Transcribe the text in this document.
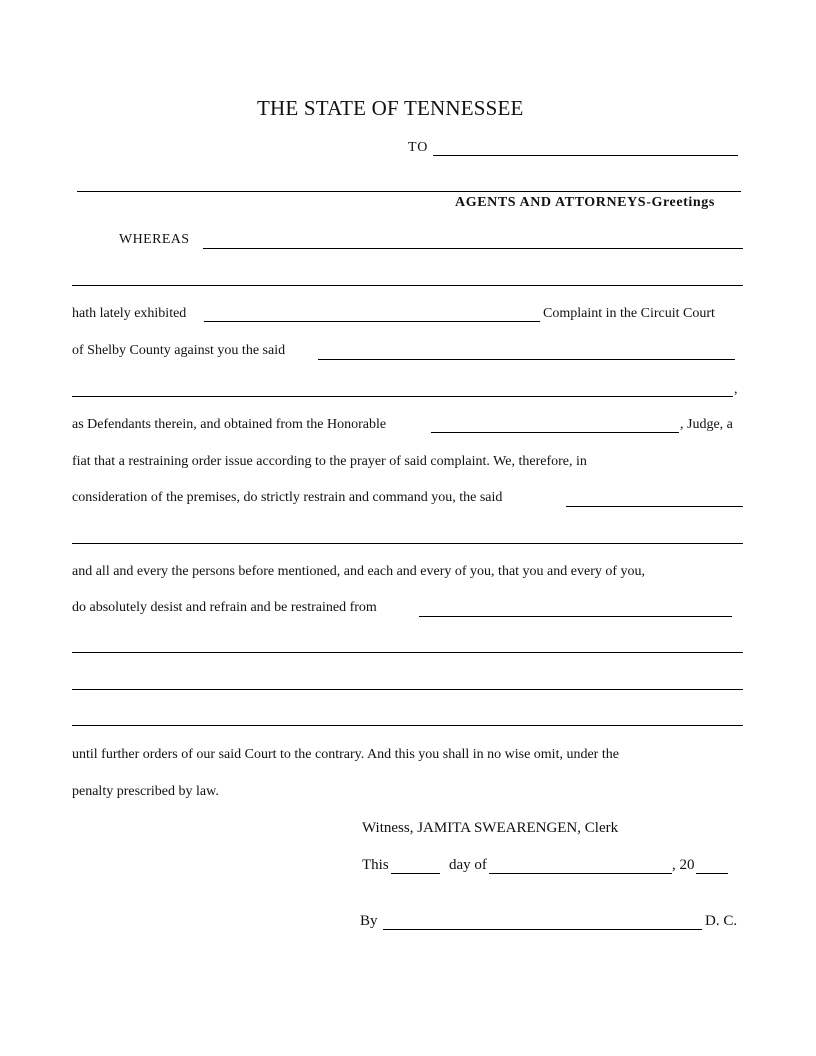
THE STATE OF TENNESSEE
TO
AGENTS AND ATTORNEYS-Greetings
WHEREAS
hath lately exhibited	Complaint in the Circuit Court
of Shelby County against you the said
,
as Defendants therein, and obtained from the Honorable	, Judge, a
fiat that a restraining order issue according to the prayer of said complaint. We, therefore, in
consideration of the premises, do strictly restrain and command you, the said
and all and every the persons before mentioned, and each and every of you, that you and every of you,
do absolutely desist and refrain and be restrained from
until further orders of our said Court to the contrary. And this you shall in no wise omit, under the
penalty prescribed by law.
Witness, JAMITA SWEARENGEN, Clerk
This	day of	, 20
By	D. C.
